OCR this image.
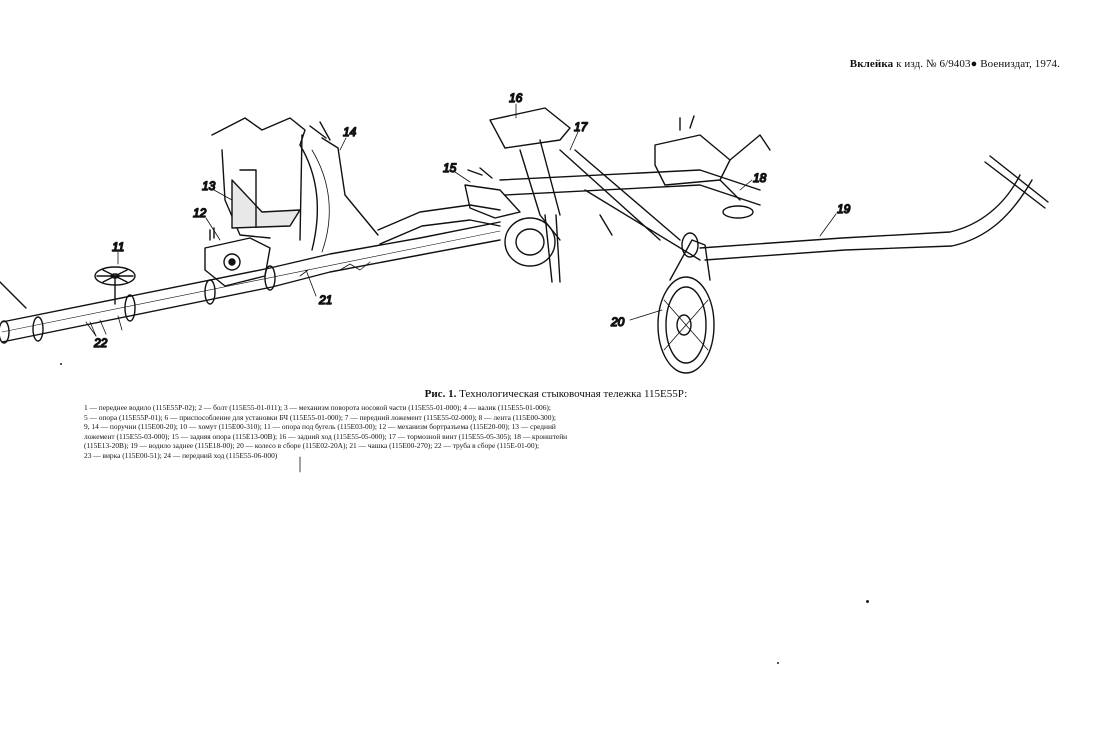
Вклейка к изд. № 6/9403● Воениздат, 1974.
11
12
13
14
15
16
17
18
19
20
21
22
Рис. 1. Технологическая стыковочная тележка 115Е55Р:
1 — переднее водило (115Е55Р-02); 2 — болт (115Е55-01-011); 3 — механизм поворота носовой части (115Е55-01-000); 4 — валик (115Е55-01-006);
5 — опора (115Е55Р-01); 6 — приспособление для установки БЧ (115Е55-01-000); 7 — передний ложемент (115Е55-02-000); 8 — лента (115Е00-300);
9, 14 — поручни (115Е00-20); 10 — хомут (115Е00-310); 11 — опора под бугель (115Е03-00); 12 — механизм бортразъема (115Е20-00); 13 — средний
ложемент (115Е55-03-000); 15 — задняя опора (115Е13-00В); 16 — задний ход (115Е55-05-000); 17 — тормозной винт (115Е55-05-305); 18 — кронштейн
(115Е13-20В); 19 — водило заднее (115Е18-00); 20 — колесо в сборе (115Е02-20А); 21 — чашка (115Е00-270); 22 — труба в сборе (115Е-01-00);
23 — вирка (115Е00-51); 24 — передний ход (115Е55-06-000)
